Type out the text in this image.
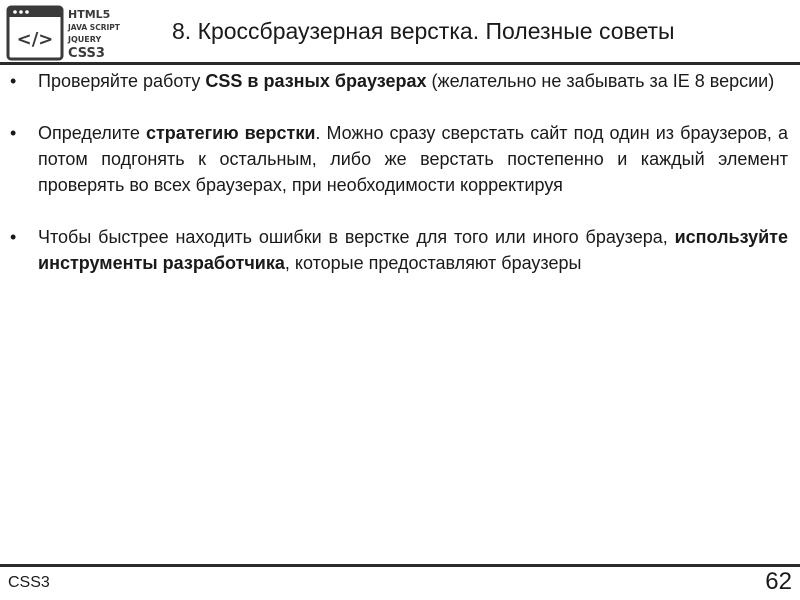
</>
HTML5
JAVA SCRIPT
JQUERY
CSS3
8. Кроссбраузерная верстка. Полезные советы

•	Проверяйте работу CSS в разных браузерах (желательно не забывать за IE 8 версии)

•	Определите стратегию верстки. Можно сразу сверстать сайт под один из браузеров, а потом подгонять к остальным, либо же верстать постепенно и каждый элемент проверять во всех браузерах, при необходимости корректируя

•	Чтобы быстрее находить ошибки в верстке для того или иного браузера, используйте инструменты разработчика, которые предоставляют браузеры

CSS3	62
